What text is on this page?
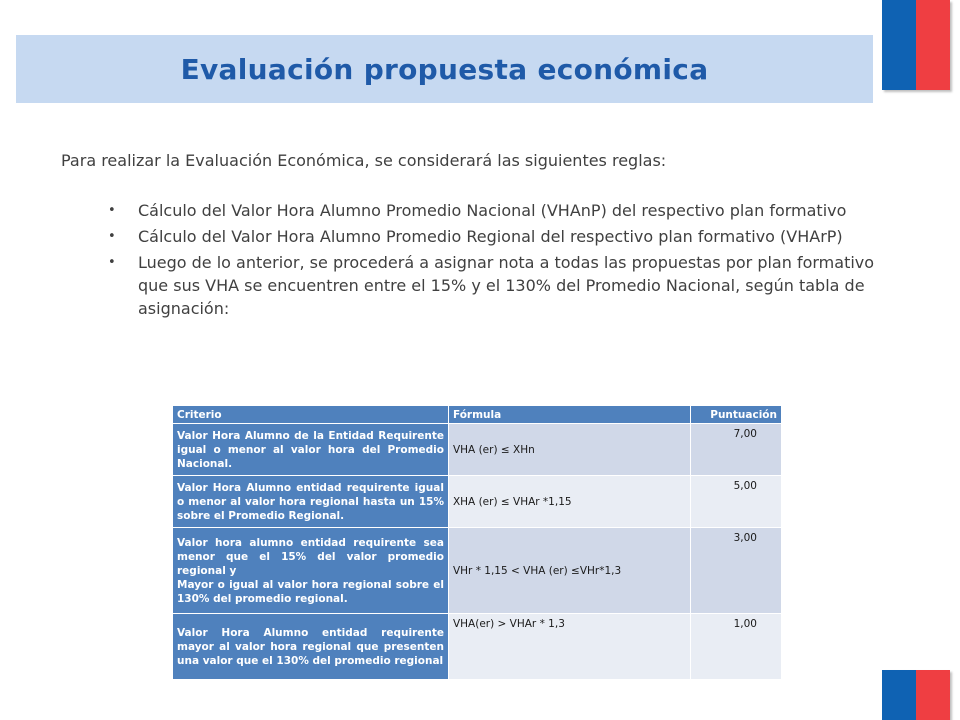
Evaluación propuesta económica

Para realizar la Evaluación Económica, se considerará las siguientes reglas:

• Cálculo del Valor Hora Alumno Promedio Nacional (VHAnP) del respectivo plan formativo
• Cálculo del Valor Hora Alumno Promedio Regional del respectivo plan formativo (VHArP)
• Luego de lo anterior, se procederá a asignar nota a todas las propuestas por plan formativo que sus VHA se encuentren entre el 15% y el 130% del Promedio Nacional, según tabla de asignación:
Criterio	Fórmula	Puntuación
Valor Hora Alumno de la Entidad Requirente igual o menor al valor hora del Promedio Nacional.	VHA (er) ≤ XHn	7,00
Valor Hora Alumno entidad requirente igual o menor al valor hora regional hasta un 15% sobre el Promedio Regional.	XHA (er) ≤ VHAr *1,15	5,00

Valor hora alumno entidad requirente sea menor que el 15% del valor promedio regional y
Mayor o igual al valor hora regional sobre el 130% del promedio regional.	VHr * 1,15 < VHA (er) ≤VHr*1,3	3,00
Valor Hora Alumno entidad requirente mayor al valor hora regional que presenten una valor que el 130% del promedio regional	VHA(er) > VHAr * 1,3	1,00
